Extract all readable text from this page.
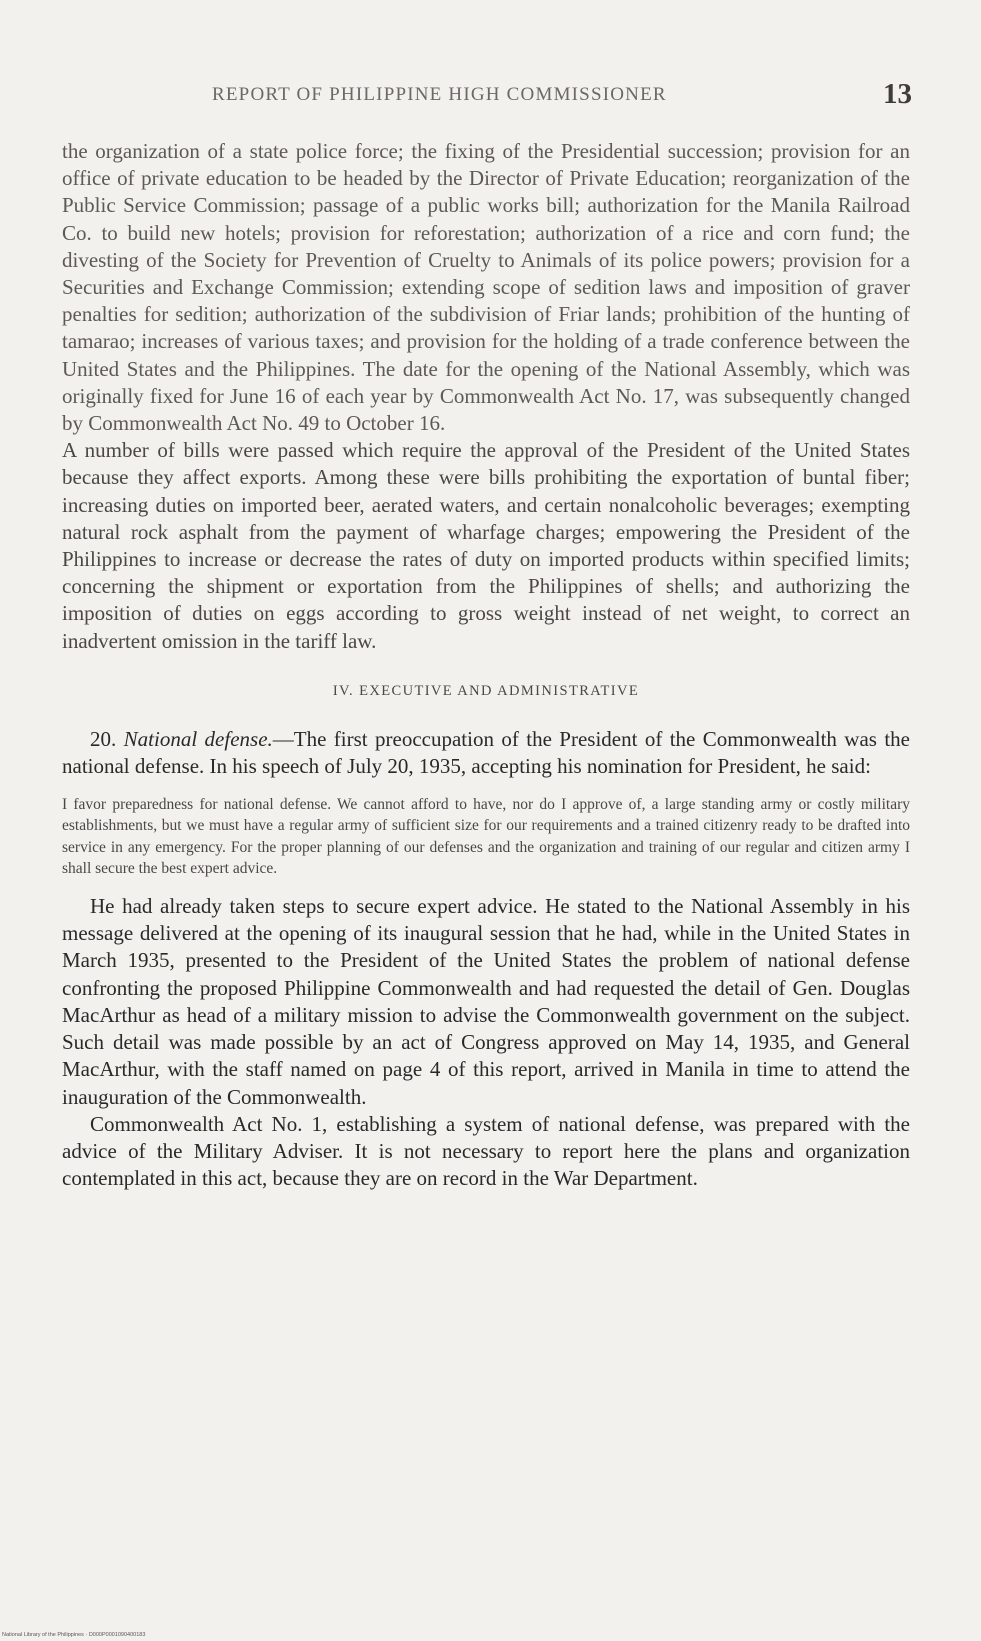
REPORT OF PHILIPPINE HIGH COMMISSIONER	13

the organization of a state police force; the fixing of the Presidential succession; provision for an office of private education to be headed by the Director of Private Education; reorganization of the Public Service Commission; passage of a public works bill; authorization for the Manila Railroad Co. to build new hotels; provision for reforestation; authorization of a rice and corn fund; the divesting of the Society for Prevention of Cruelty to Animals of its police powers; provision for a Securities and Exchange Commission; extending scope of sedition laws and imposition of graver penalties for sedition; authorization of the subdivision of Friar lands; prohibition of the hunting of tamarao; increases of various taxes; and provision for the holding of a trade conference between the United States and the Philippines. The date for the opening of the National Assembly, which was originally fixed for June 16 of each year by Commonwealth Act No. 17, was subsequently changed by Commonwealth Act No. 49 to October 16.

A number of bills were passed which require the approval of the President of the United States because they affect exports. Among these were bills prohibiting the exportation of buntal fiber; increasing duties on imported beer, aerated waters, and certain nonalcoholic beverages; exempting natural rock asphalt from the payment of wharfage charges; empowering the President of the Philippines to increase or decrease the rates of duty on imported products within specified limits; concerning the shipment or exportation from the Philippines of shells; and authorizing the imposition of duties on eggs according to gross weight instead of net weight, to correct an inadvertent omission in the tariff law.

IV. EXECUTIVE AND ADMINISTRATIVE

20. National defense.—The first preoccupation of the President of the Commonwealth was the national defense. In his speech of July 20, 1935, accepting his nomination for President, he said:

I favor preparedness for national defense. We cannot afford to have, nor do I approve of, a large standing army or costly military establishments, but we must have a regular army of sufficient size for our requirements and a trained citizenry ready to be drafted into service in any emergency. For the proper planning of our defenses and the organization and training of our regular and citizen army I shall secure the best expert advice.

He had already taken steps to secure expert advice. He stated to the National Assembly in his message delivered at the opening of its inaugural session that he had, while in the United States in March 1935, presented to the President of the United States the problem of national defense confronting the proposed Philippine Commonwealth and had requested the detail of Gen. Douglas MacArthur as head of a military mission to advise the Commonwealth government on the subject. Such detail was made possible by an act of Congress approved on May 14, 1935, and General MacArthur, with the staff named on page 4 of this report, arrived in Manila in time to attend the inauguration of the Commonwealth.

Commonwealth Act No. 1, establishing a system of national defense, was prepared with the advice of the Military Adviser. It is not necessary to report here the plans and organization contemplated in this act, because they are on record in the War Department.

National Library of the Philippines · D000P0001090400183
